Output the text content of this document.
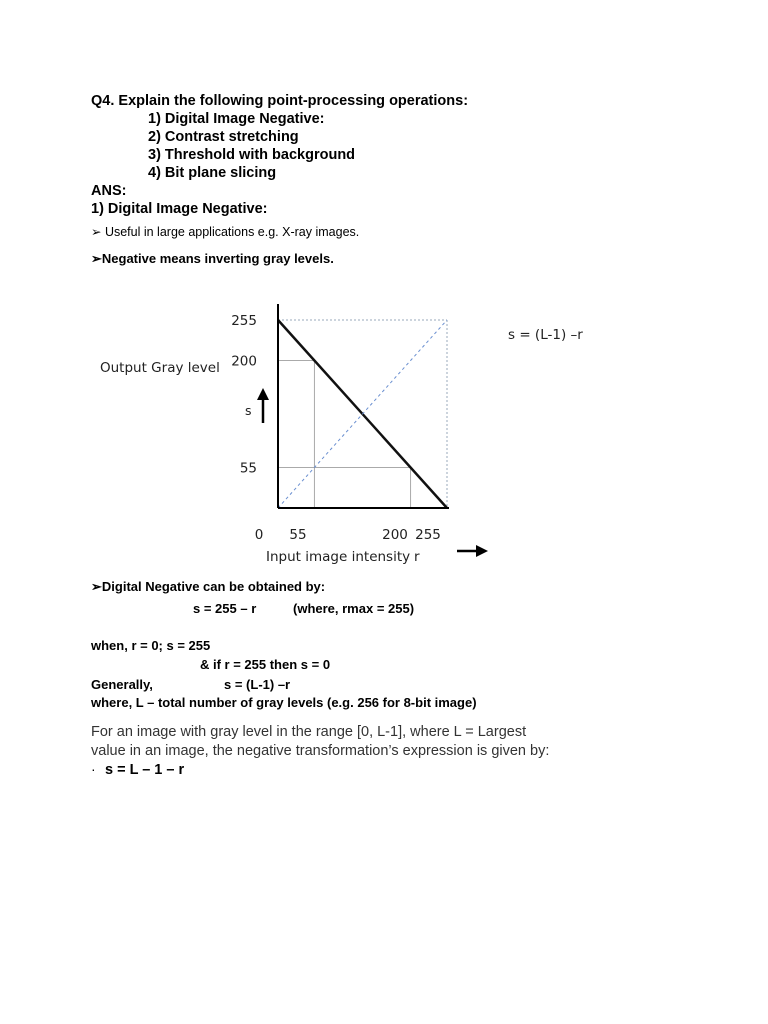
Q4. Explain the following point-processing operations:
1) Digital Image Negative:
2) Contrast stretching
3) Threshold with background
4) Bit plane slicing
ANS:
1) Digital Image Negative:
➢ Useful in large applications e.g. X-ray images.
➢Negative means inverting gray levels.
255
200
55
0 55	200 255
Output Gray level
s
Input image intensity r
s = (L-1) –r
➢Digital Negative can be obtained by:
s = 255 – r	(where, rmax = 255)
when, r = 0; s = 255
& if r = 255 then s = 0
Generally,	s = (L-1) –r
where, L – total number of gray levels (e.g. 256 for 8-bit image)
For an image with gray level in the range [0, L-1], where L = Largest
value in an image, the negative transformation’s expression is given by:
· s = L – 1 – r
